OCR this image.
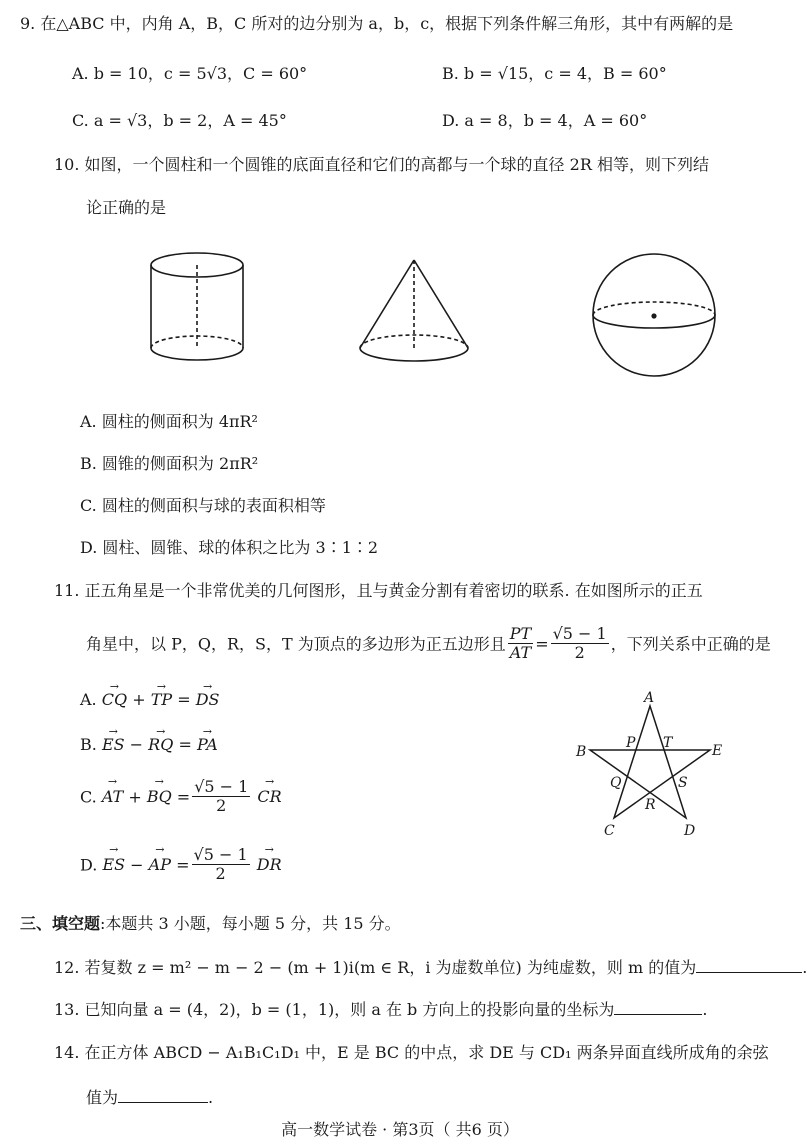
9. 在△ABC 中，内角 A，B，C 所对的边分别为 a，b，c，根据下列条件解三角形，其中有两解的是
A. b = 10，c = 5√3，C = 60°	B. b = √15，c = 4，B = 60°
C. a = √3，b = 2，A = 45°	D. a = 8，b = 4，A = 60°
10. 如图，一个圆柱和一个圆锥的底面直径和它们的高都与一个球的直径 2R 相等，则下列结
论正确的是
A. 圆柱的侧面积为 4πR²
B. 圆锥的侧面积为 2πR²
C. 圆柱的侧面积与球的表面积相等
D. 圆柱、圆锥、球的体积之比为 3∶1∶2
11. 正五角星是一个非常优美的几何图形，且与黄金分割有着密切的联系. 在如图所示的正五
角星中，以 P，Q，R，S，T 为顶点的多边形为正五边形且 $\frac{PT}{AT} = \frac{√5 - 1}{2}$ ，下列关系中正确的是
A. CQ → + TP → = DS →
B. ES → − RQ → = PA →
C. AT → + BQ → = $\frac{√5 - 1}{2}$ CR →
D. ES → − AP → = $\frac{√5 - 1}{2}$ DR →
A
B	E
C	D
P T
Q	S
R
三、填空题:本题共 3 小题，每小题 5 分，共 15 分。
12. 若复数 z = m² − m − 2 − (m + 1)i(m ∈ R，i 为虚数单位) 为纯虚数，则 m 的值为	.
13. 已知向量 a = (4，2)，b = (1，1)，则 a 在 b 方向上的投影向量的坐标为	.
14. 在正方体 ABCD − A₁B₁C₁D₁ 中，E 是 BC 的中点，求 DE 与 CD₁ 两条异面直线所成角的余弦
值为	.
高一数学试卷 · 第3页（ 共6 页）
